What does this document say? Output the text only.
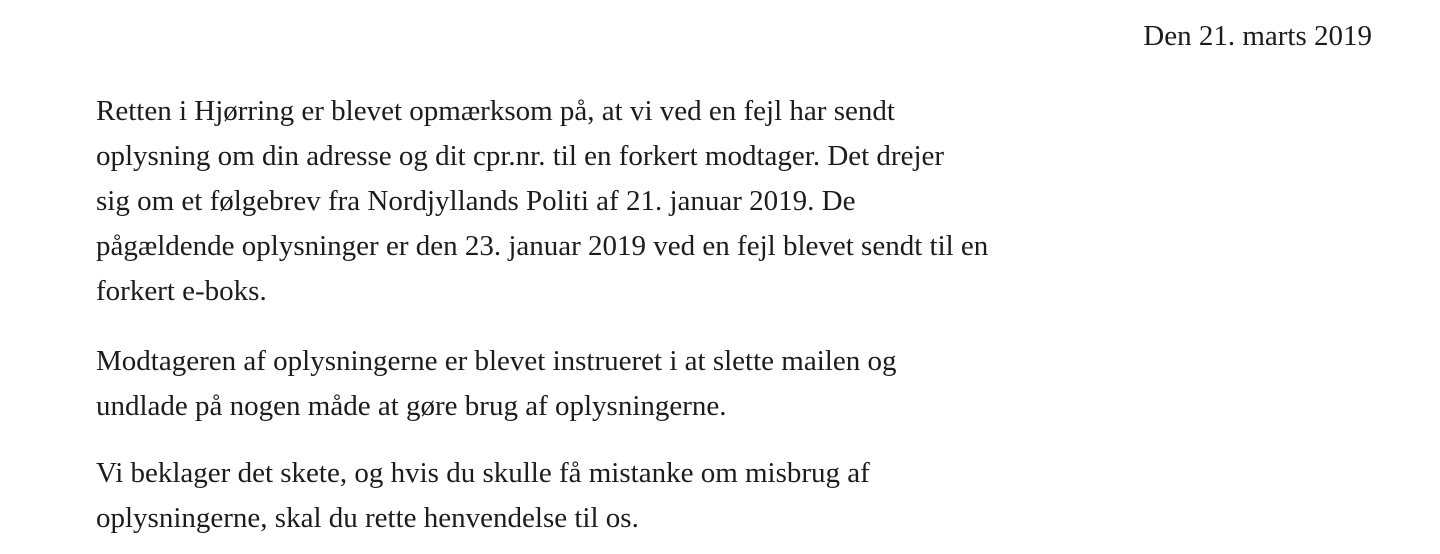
Den 21. marts 2019
Retten i Hjørring er blevet opmærksom på, at vi ved en fejl har sendt
oplysning om din adresse og dit cpr.nr. til en forkert modtager. Det drejer
sig om et følgebrev fra Nordjyllands Politi af 21. januar 2019. De
pågældende oplysninger er den 23. januar 2019 ved en fejl blevet sendt til en
forkert e-boks.
Modtageren af oplysningerne er blevet instrueret i at slette mailen og
undlade på nogen måde at gøre brug af oplysningerne.
Vi beklager det skete, og hvis du skulle få mistanke om misbrug af
oplysningerne, skal du rette henvendelse til os.
